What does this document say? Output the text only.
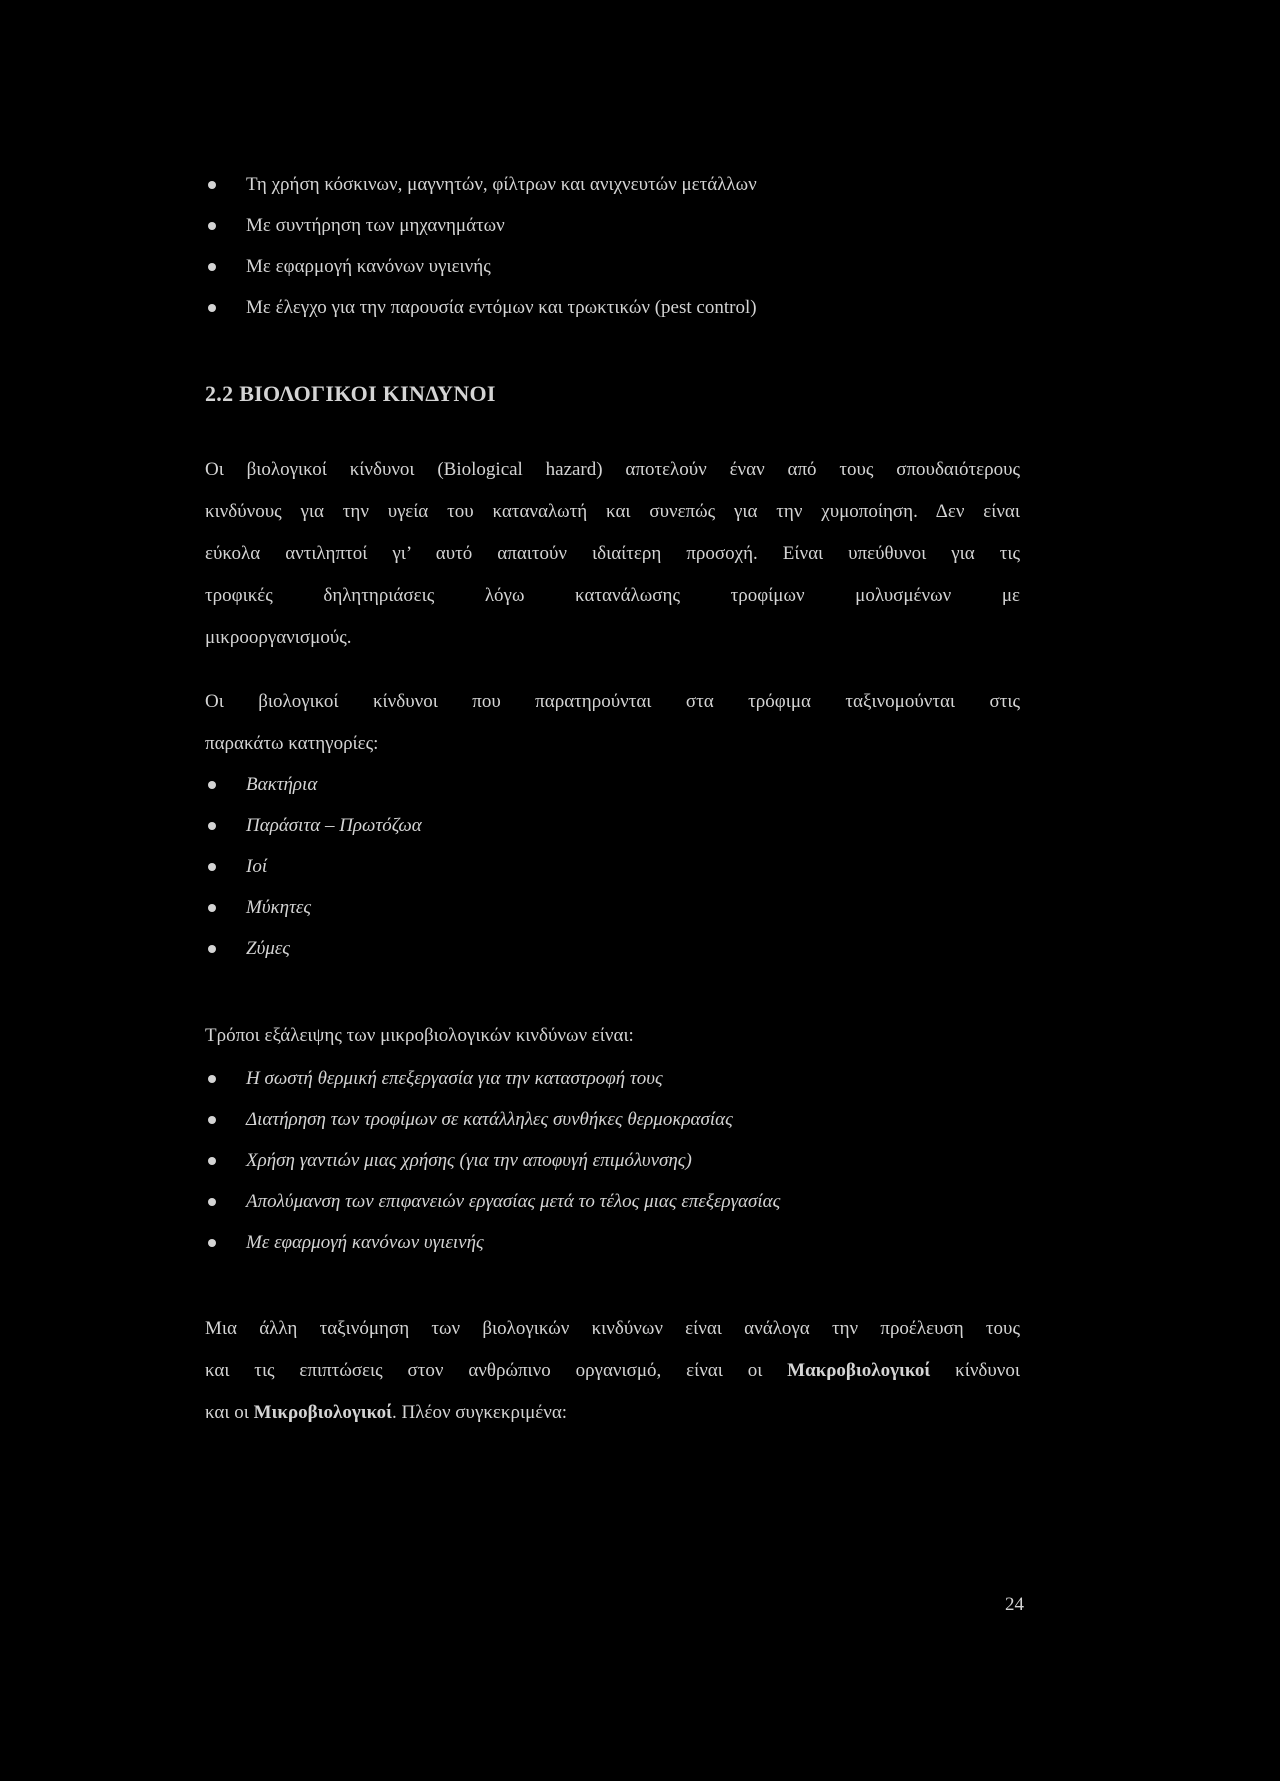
Τη χρήση κόσκινων, μαγνητών, φίλτρων και ανιχνευτών μετάλλων
Με συντήρηση των μηχανημάτων
Με εφαρμογή κανόνων υγιεινής
Με έλεγχο για την παρουσία εντόμων και τρωκτικών (pest control)
2.2 ΒΙΟΛΟΓΙΚΟΙ ΚΙΝΔΥΝΟΙ
Οι βιολογικοί κίνδυνοι (Biological hazard) αποτελούν έναν από τους σπουδαιότερους
κινδύνους για την υγεία του καταναλωτή και συνεπώς για την χυμοποίηση. Δεν είναι
εύκολα αντιληπτοί γι’ αυτό απαιτούν ιδιαίτερη προσοχή. Είναι υπεύθυνοι για τις
τροφικές δηλητηριάσεις λόγω κατανάλωσης τροφίμων μολυσμένων με
μικροοργανισμούς.
Οι βιολογικοί κίνδυνοι που παρατηρούνται στα τρόφιμα ταξινομούνται στις
παρακάτω κατηγορίες:
Βακτήρια
Παράσιτα – Πρωτόζωα
Ιοί
Μύκητες
Ζύμες

Τρόποι εξάλειψης των μικροβιολογικών κινδύνων είναι:

Η σωστή θερμική επεξεργασία για την καταστροφή τους
Διατήρηση των τροφίμων σε κατάλληλες συνθήκες θερμοκρασίας
Χρήση γαντιών μιας χρήσης (για την αποφυγή επιμόλυνσης)
Απολύμανση των επιφανειών εργασίας μετά το τέλος μιας επεξεργασίας
Με εφαρμογή κανόνων υγιεινής
Μια άλλη ταξινόμηση των βιολογικών κινδύνων είναι ανάλογα την προέλευση τους
και τις επιπτώσεις στον ανθρώπινο οργανισμό, είναι οι Μακροβιολογικοί κίνδυνοι
και οι Μικροβιολογικοί. Πλέον συγκεκριμένα:
24
